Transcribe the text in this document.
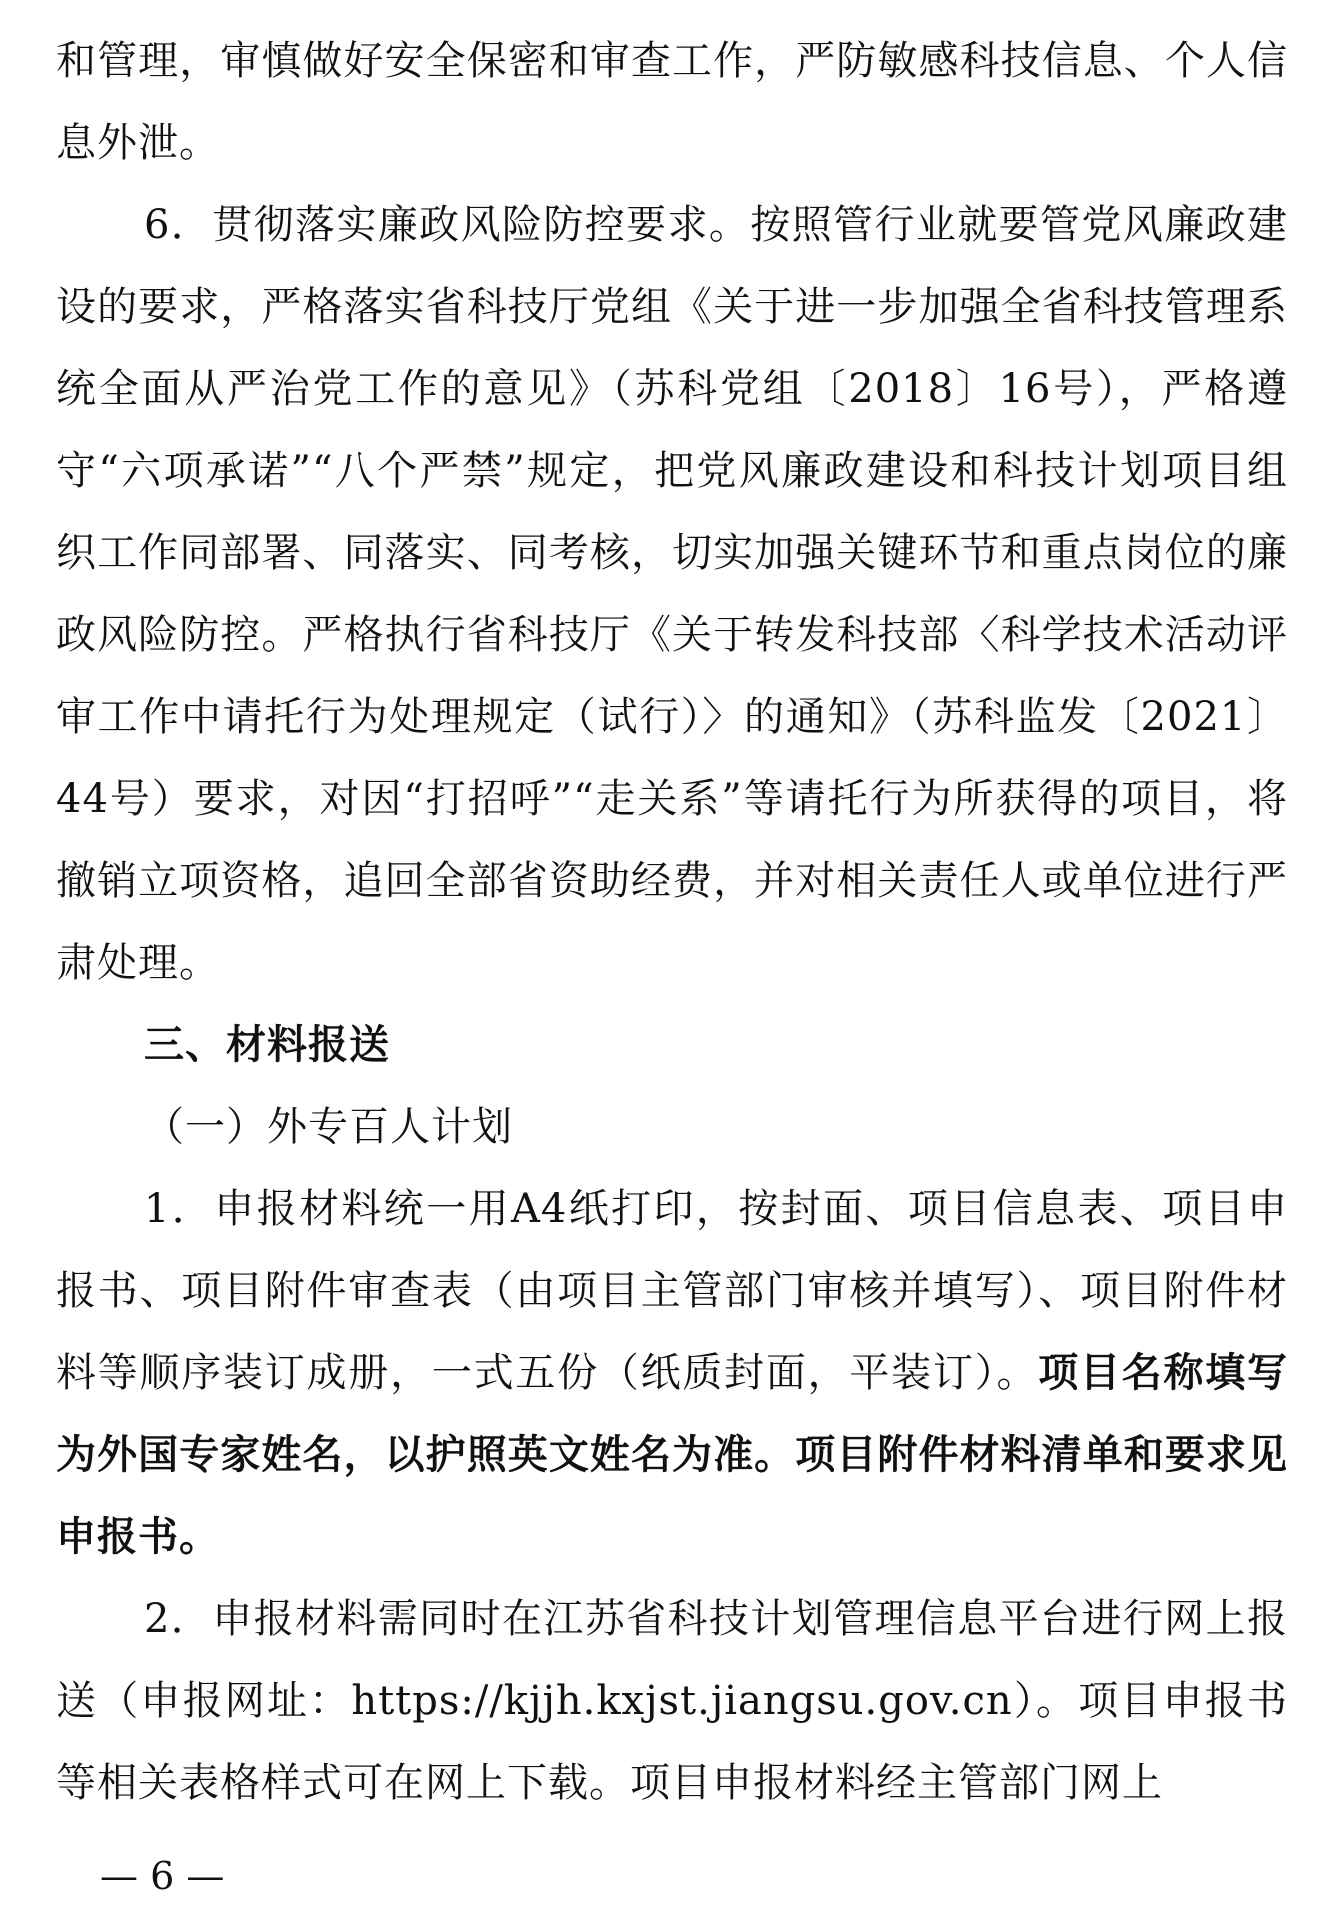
和管理，审慎做好安全保密和审查工作，严防敏感科技信息、个人信息外泄。

6．贯彻落实廉政风险防控要求。按照管行业就要管党风廉政建设的要求，严格落实省科技厅党组《关于进一步加强全省科技管理系统全面从严治党工作的意见》（苏科党组〔2018〕16号），严格遵守“六项承诺”“八个严禁”规定，把党风廉政建设和科技计划项目组织工作同部署、同落实、同考核，切实加强关键环节和重点岗位的廉政风险防控。严格执行省科技厅《关于转发科技部〈科学技术活动评审工作中请托行为处理规定（试行）〉的通知》（苏科监发〔2021〕44号）要求，对因“打招呼”“走关系”等请托行为所获得的项目，将撤销立项资格，追回全部省资助经费，并对相关责任人或单位进行严肃处理。

三、材料报送

（一）外专百人计划

1．申报材料统一用A4纸打印，按封面、项目信息表、项目申报书、项目附件审查表（由项目主管部门审核并填写）、项目附件材料等顺序装订成册，一式五份（纸质封面，平装订）。项目名称填写为外国专家姓名，以护照英文姓名为准。项目附件材料清单和要求见申报书。

2．申报材料需同时在江苏省科技计划管理信息平台进行网上报送（申报网址：https://kjjh.kxjst.jiangsu.gov.cn）。项目申报书等相关表格样式可在网上下载。项目申报材料经主管部门网上

— 6 —
